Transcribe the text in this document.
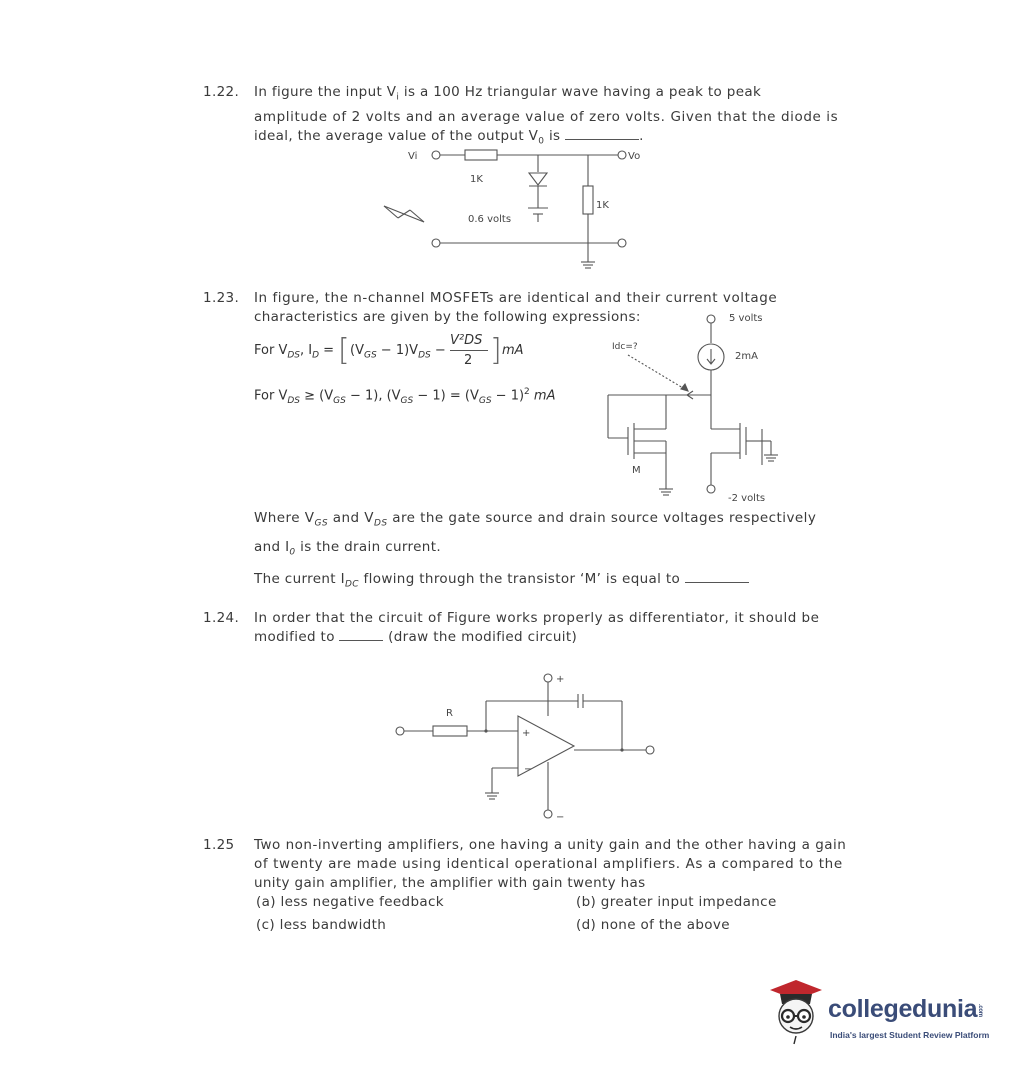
1.22. In figure the input $V_i$ is a 100 Hz triangular wave having a peak to peak
amplitude of 2 volts and an average value of zero volts. Given that the diode is
ideal, the average value of the output $V_0$ is	.
Vi	Vo
1K
1K
0.6 volts
1.23. In figure, the n-channel MOSFETs are identical and their current voltage
characteristics are given by the following expressions:
For $V_{DS}$, $I_D$ = [ $(V_{GS} - 1)V_{DS}$ −
V²DS
2 ] mA
For $V_{DS} \ge (V_{GS} - 1)$, $(V_{GS} - 1) = (V_{GS} - 1)^2$ mA
5 volts
Idc=?
2mA
M
-2 volts
Where $V_{GS}$ and $V_{DS}$ are the gate source and drain source voltages respectively
and $I_0$ is the drain current.
The current $I_{DC}$ flowing through the transistor ‘M’ is equal to
1.24. In order that the circuit of Figure works properly as differentiator, it should be
modified to	(draw the modified circuit)
+
R
+
−
−
1.25 Two non-inverting amplifiers, one having a unity gain and the other having a gain
of twenty are made using identical operational amplifiers. As a compared to the
unity gain amplifier, the amplifier with gain twenty has
(a) less negative feedback	(b) greater input impedance
(c) less bandwidth	(d) none of the above
collegedunia.com
India's largest Student Review Platform
